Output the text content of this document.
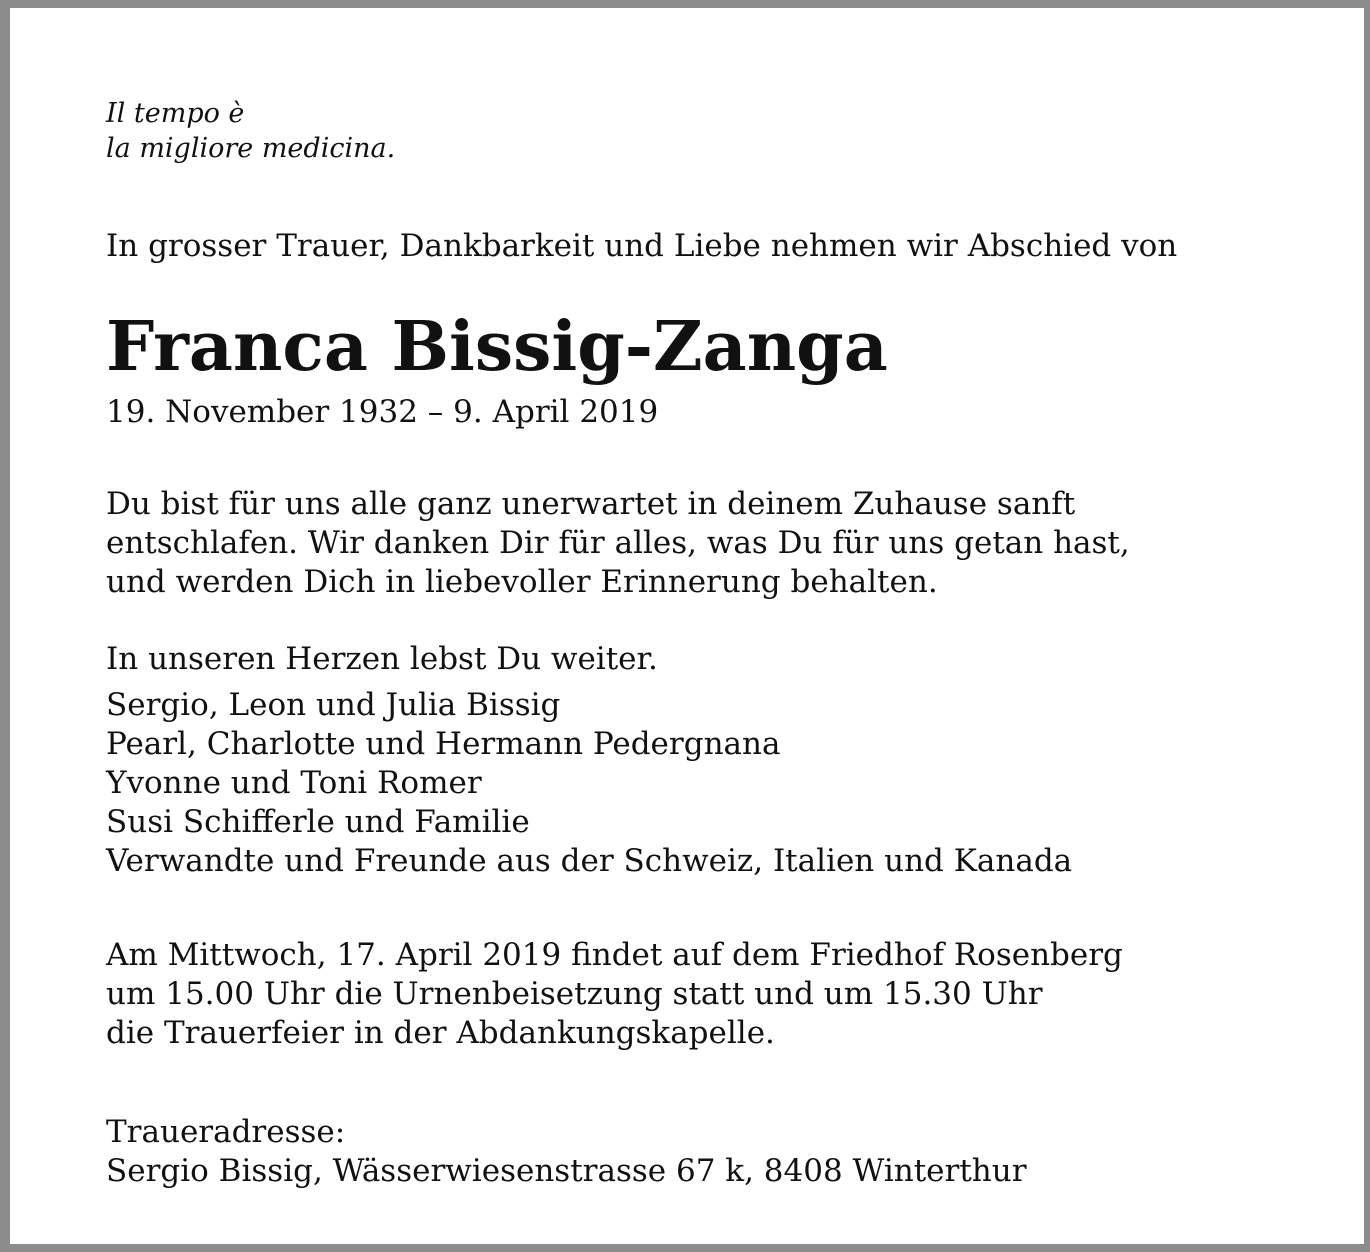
Il tempo è
la migliore medicina.
In grosser Trauer, Dankbarkeit und Liebe nehmen wir Abschied von
Franca Bissig-Zanga
19. November 1932 – 9. April 2019
Du bist für uns alle ganz unerwartet in deinem Zuhause sanft
entschlafen. Wir danken Dir für alles, was Du für uns getan hast,
und werden Dich in liebevoller Erinnerung behalten.
In unseren Herzen lebst Du weiter.
Sergio, Leon und Julia Bissig
Pearl, Charlotte und Hermann Pedergnana
Yvonne und Toni Romer
Susi Schifferle und Familie
Verwandte und Freunde aus der Schweiz, Italien und Kanada
Am Mittwoch, 17. April 2019 findet auf dem Friedhof Rosenberg
um 15.00 Uhr die Urnenbeisetzung statt und um 15.30 Uhr
die Trauerfeier in der Abdankungskapelle.
Traueradresse:
Sergio Bissig, Wässerwiesenstrasse 67 k, 8408 Winterthur
